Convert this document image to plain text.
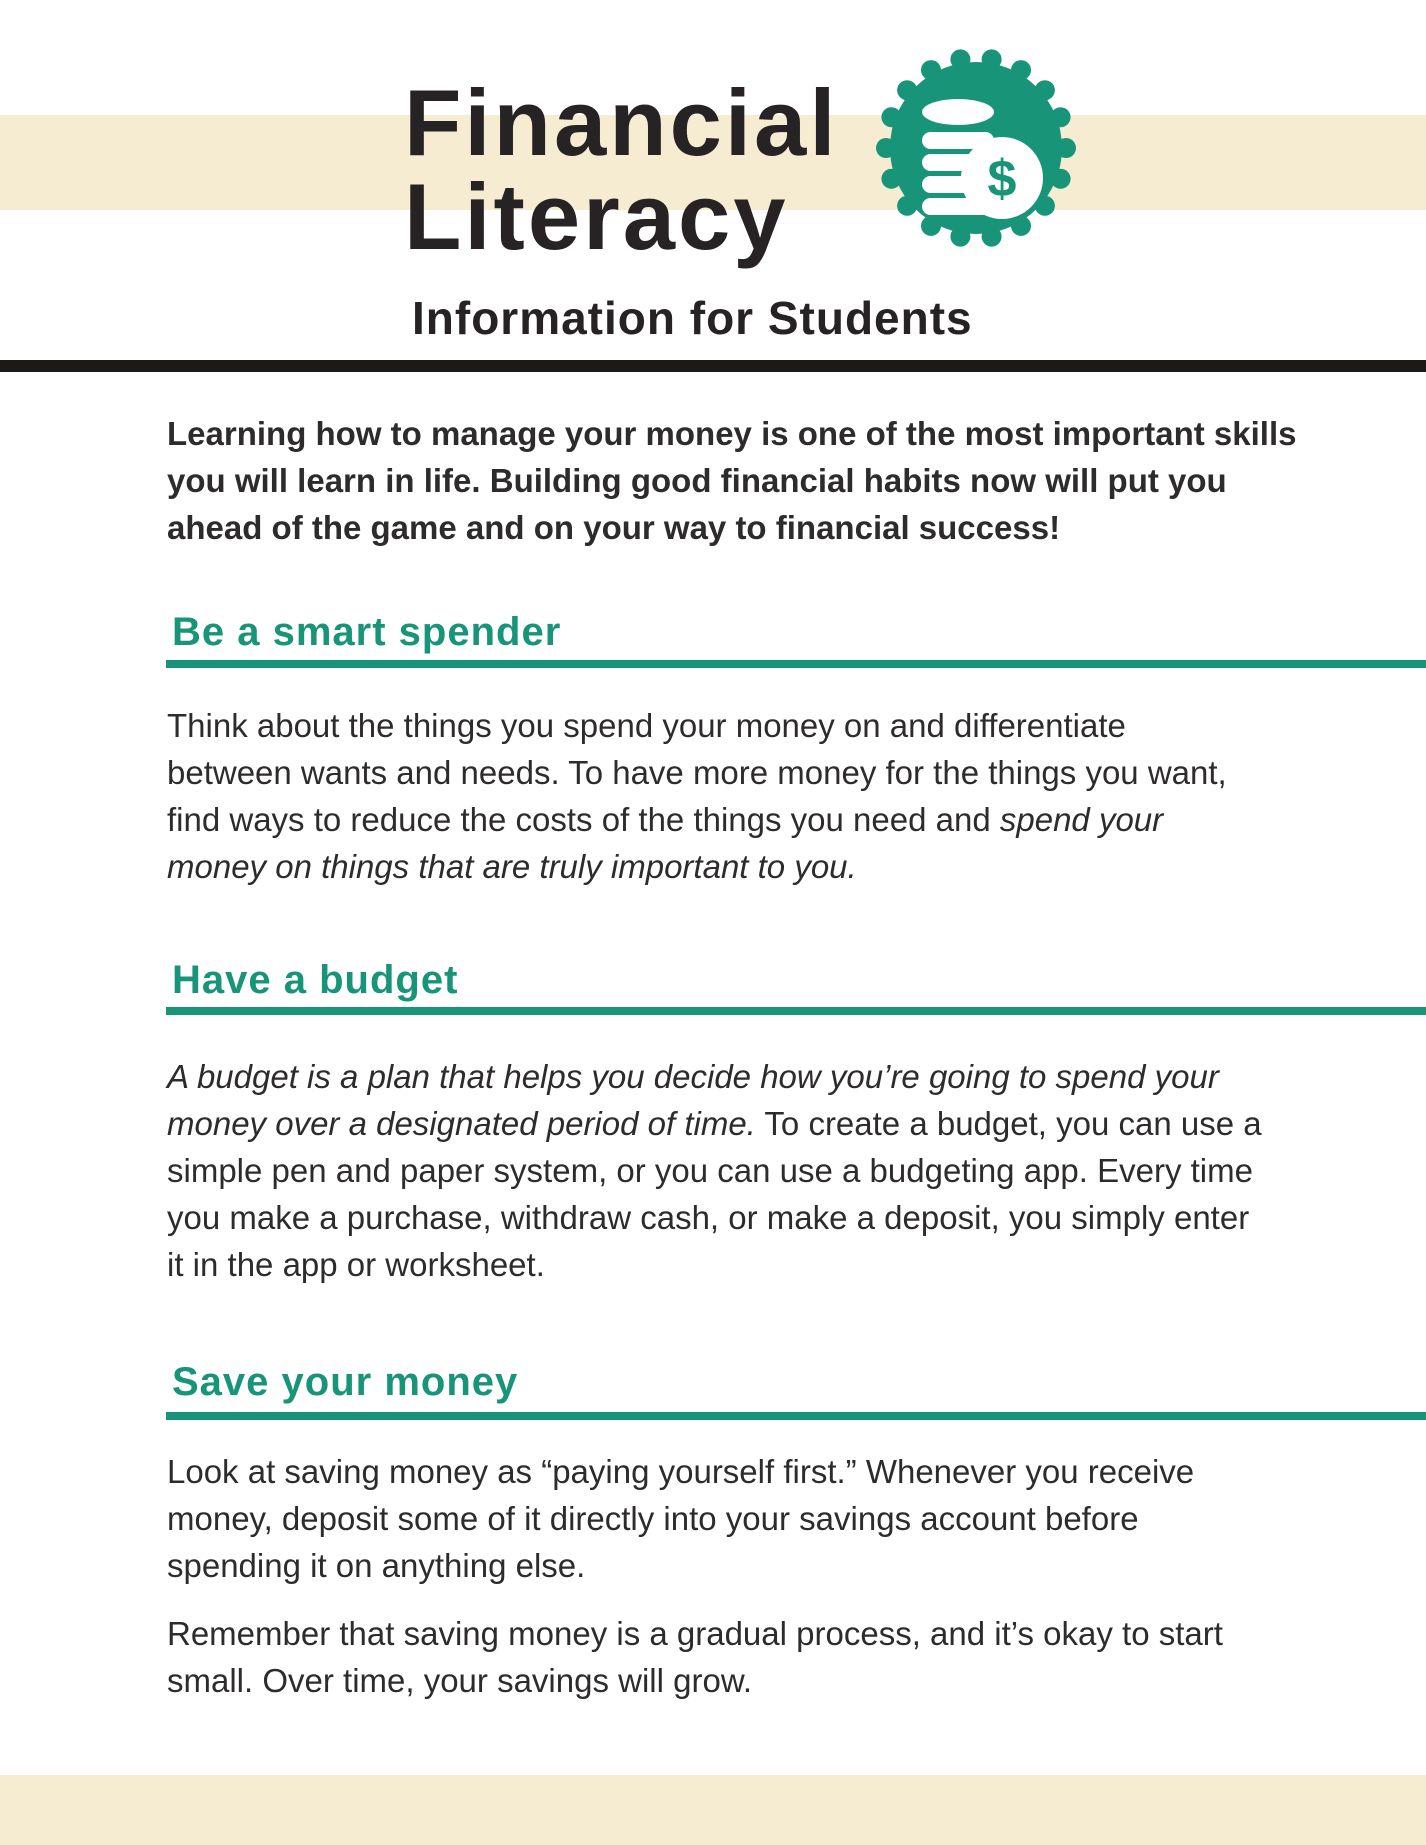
Financial
Literacy	$
Information for Students
Learning how to manage your money is one of the most important skills
you will learn in life. Building good financial habits now will put you
ahead of the game and on your way to financial success!
Be a smart spender
Think about the things you spend your money on and differentiate
between wants and needs. To have more money for the things you want,
find ways to reduce the costs of the things you need and spend your
money on things that are truly important to you.
Have a budget
A budget is a plan that helps you decide how you’re going to spend your
money over a designated period of time. To create a budget, you can use a
simple pen and paper system, or you can use a budgeting app. Every time
you make a purchase, withdraw cash, or make a deposit, you simply enter
it in the app or worksheet.
Save your money
Look at saving money as “paying yourself first.” Whenever you receive
money, deposit some of it directly into your savings account before
spending it on anything else.
Remember that saving money is a gradual process, and it’s okay to start
small. Over time, your savings will grow.
